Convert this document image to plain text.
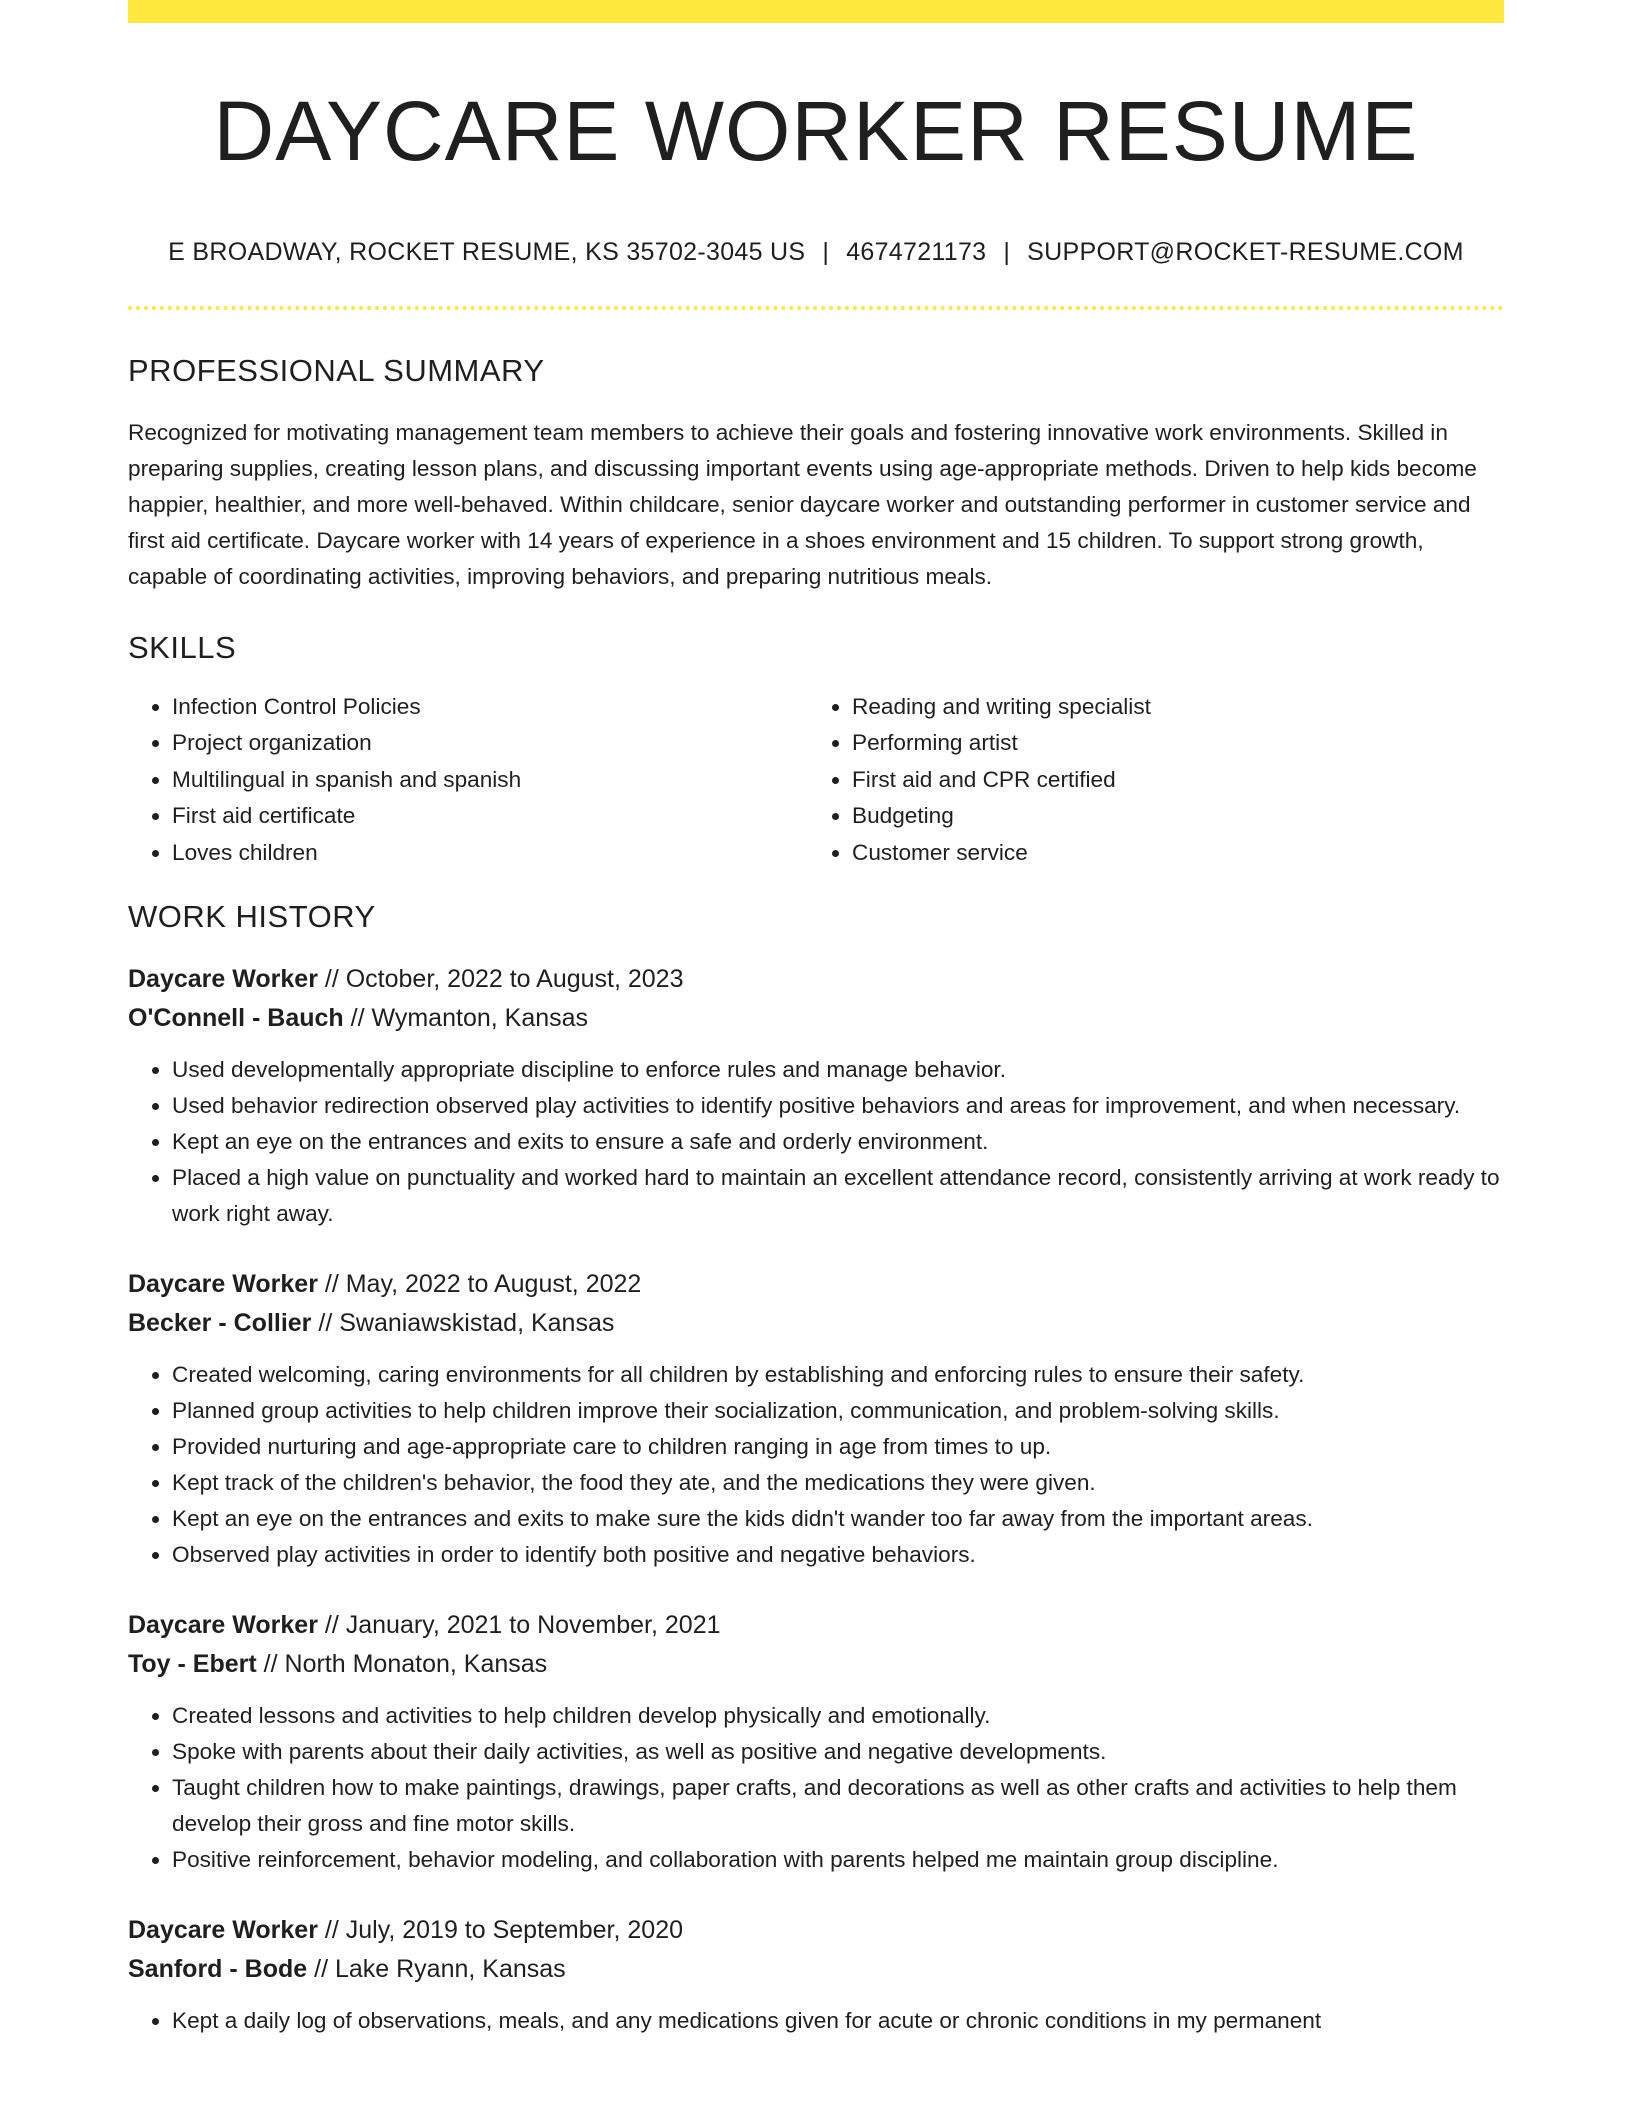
DAYCARE WORKER RESUME
E BROADWAY, ROCKET RESUME, KS 35702-3045 US | 4674721173 | SUPPORT@ROCKET-RESUME.COM
PROFESSIONAL SUMMARY

Recognized for motivating management team members to achieve their goals and fostering innovative work environments. Skilled in preparing supplies, creating lesson plans, and discussing important events using age-appropriate methods. Driven to help kids become happier, healthier, and more well-behaved. Within childcare, senior daycare worker and outstanding performer in customer service and first aid certificate. Daycare worker with 14 years of experience in a shoes environment and 15 children. To support strong growth, capable of coordinating activities, improving behaviors, and preparing nutritious meals.

SKILLS
• Infection Control Policies
• Project organization
• Multilingual in spanish and spanish
• First aid certificate
• Loves children
• Reading and writing specialist
• Performing artist
• First aid and CPR certified
• Budgeting
• Customer service
WORK HISTORY
Daycare Worker // October, 2022 to August, 2023
O'Connell - Bauch // Wymanton, Kansas
• Used developmentally appropriate discipline to enforce rules and manage behavior.
• Used behavior redirection observed play activities to identify positive behaviors and areas for improvement, and when necessary.
• Kept an eye on the entrances and exits to ensure a safe and orderly environment.
• Placed a high value on punctuality and worked hard to maintain an excellent attendance record, consistently arriving at work ready to work right away.
Daycare Worker // May, 2022 to August, 2022
Becker - Collier // Swaniawskistad, Kansas
• Created welcoming, caring environments for all children by establishing and enforcing rules to ensure their safety.
• Planned group activities to help children improve their socialization, communication, and problem-solving skills.
• Provided nurturing and age-appropriate care to children ranging in age from times to up.
• Kept track of the children's behavior, the food they ate, and the medications they were given.
• Kept an eye on the entrances and exits to make sure the kids didn't wander too far away from the important areas.
• Observed play activities in order to identify both positive and negative behaviors.
Daycare Worker // January, 2021 to November, 2021
Toy - Ebert // North Monaton, Kansas
• Created lessons and activities to help children develop physically and emotionally.
• Spoke with parents about their daily activities, as well as positive and negative developments.
• Taught children how to make paintings, drawings, paper crafts, and decorations as well as other crafts and activities to help them develop their gross and fine motor skills.
• Positive reinforcement, behavior modeling, and collaboration with parents helped me maintain group discipline.
Daycare Worker // July, 2019 to September, 2020
Sanford - Bode // Lake Ryann, Kansas
• Kept a daily log of observations, meals, and any medications given for acute or chronic conditions in my permanent
